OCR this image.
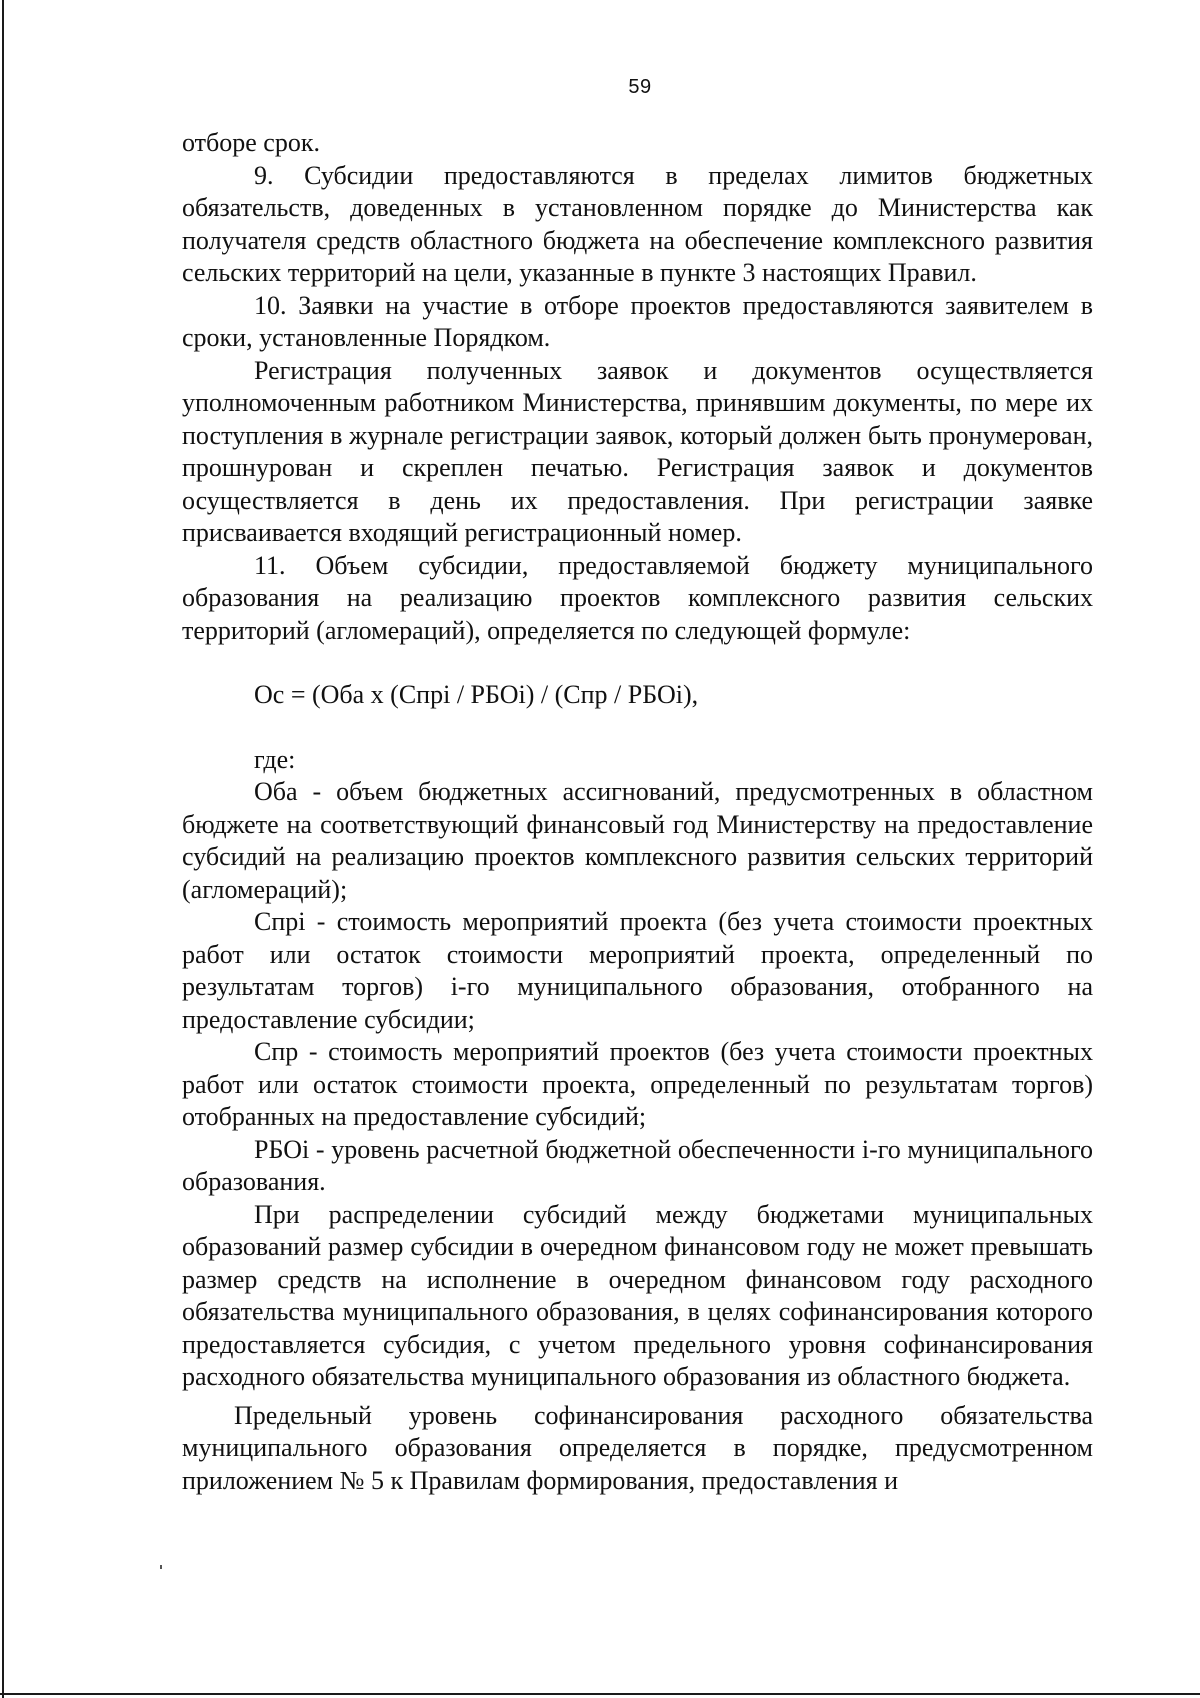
59

отборе срок.

9. Субсидии предоставляются в пределах лимитов бюджетных обязательств, доведенных в установленном порядке до Министерства как получателя средств областного бюджета на обеспечение комплексного развития сельских территорий на цели, указанные в пункте 3 настоящих Правил.

10. Заявки на участие в отборе проектов предоставляются заявителем в сроки, установленные Порядком.

Регистрация полученных заявок и документов осуществляется уполномоченным работником Министерства, принявшим документы, по мере их поступления в журнале регистрации заявок, который должен быть пронумерован, прошнурован и скреплен печатью. Регистрация заявок и документов осуществляется в день их предоставления. При регистрации заявке присваивается входящий регистрационный номер.

11. Объем субсидии, предоставляемой бюджету муниципального образования на реализацию проектов комплексного развития сельских территорий (агломераций), определяется по следующей формуле:

Ос = (Оба х (Cпрi / РБОi) / (Спр / РБОi),

где:

Оба - объем бюджетных ассигнований, предусмотренных в областном бюджете на соответствующий финансовый год Министерству на предоставление субсидий на реализацию проектов комплексного развития сельских территорий (агломераций);

Спрi - стоимость мероприятий проекта (без учета стоимости проектных работ или остаток стоимости мероприятий проекта, определенный по результатам торгов) i-го муниципального образования, отобранного на предоставление субсидии;

Спр - стоимость мероприятий проектов (без учета стоимости проектных работ или остаток стоимости проекта, определенный по результатам торгов) отобранных на предоставление субсидий;

РБОi - уровень расчетной бюджетной обеспеченности i-го муниципального образования.

При распределении субсидий между бюджетами муниципальных образований размер субсидии в очередном финансовом году не может превышать размер средств на исполнение в очередном финансовом году расходного обязательства муниципального образования, в целях софинансирования которого предоставляется субсидия, с учетом предельного уровня софинансирования расходного обязательства муниципального образования из областного бюджета.

Предельный уровень софинансирования расходного обязательства муниципального образования определяется в порядке, предусмотренном приложением № 5 к Правилам формирования, предоставления и
